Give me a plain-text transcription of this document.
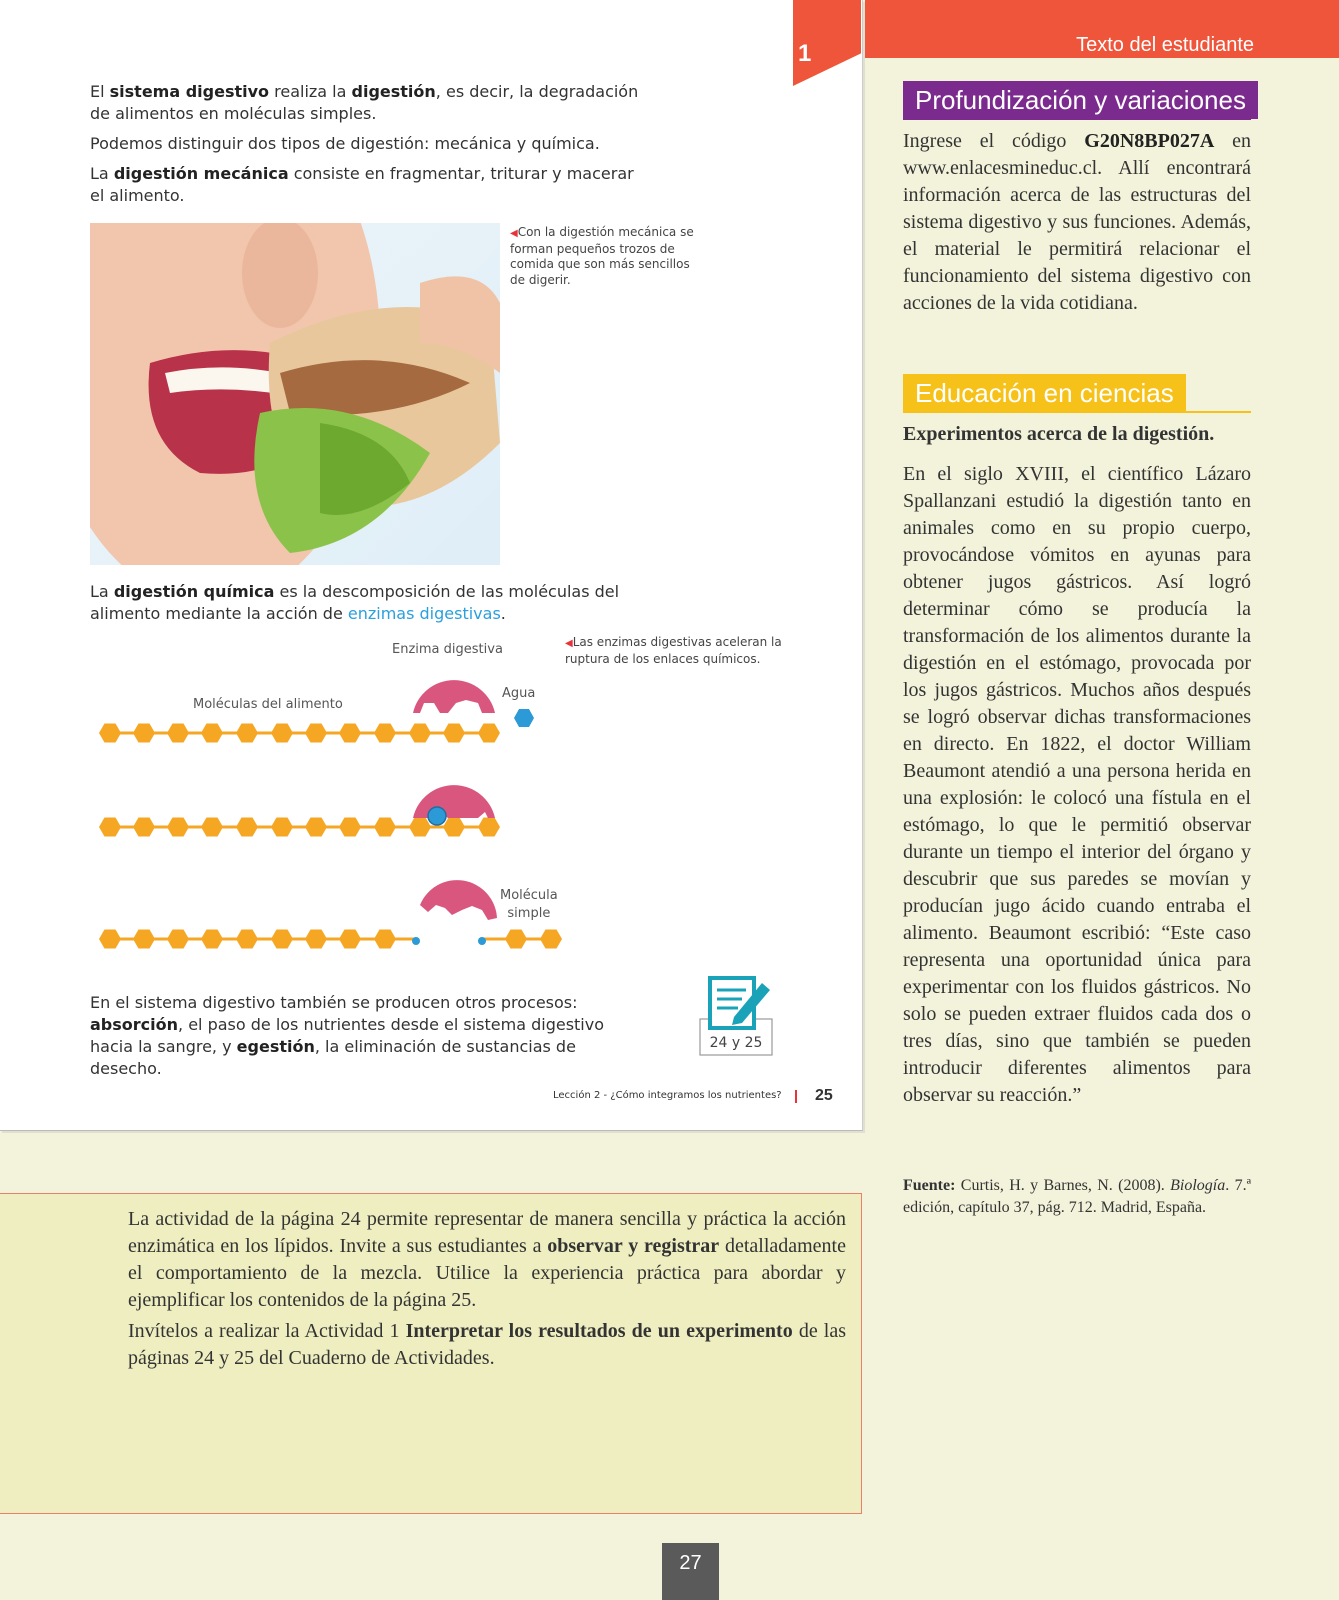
1	Texto del estudiante
El sistema digestivo realiza la digestión, es decir, la degradación de alimentos en moléculas simples.
Podemos distinguir dos tipos de digestión: mecánica y química.
La digestión mecánica consiste en fragmentar, triturar y macerar el alimento.
◀Con la digestión mecánica se forman pequeños trozos de comida que son más sencillos de digerir.
La digestión química es la descomposición de las moléculas del alimento mediante la acción de enzimas digestivas.
Enzima digestiva
Moléculas del alimento
Agua
Molécula
simple
◀Las enzimas digestivas aceleran la ruptura de los enlaces químicos.
En el sistema digestivo también se producen otros procesos: absorción, el paso de los nutrientes desde el sistema digestivo hacia la sangre, y egestión, la eliminación de sustancias de desecho.
24 y 25
Lección 2 - ¿Cómo integramos los nutrientes? 25
Profundización y variaciones
Ingrese el código G20N8BP027A en www.enlacesmineduc.cl. Allí encontrará información acerca de las estructuras del sistema digestivo y sus funciones. Además, el material le permitirá relacionar el funcionamiento del sistema digestivo con acciones de la vida cotidiana.
Educación en ciencias
Experimentos acerca de la digestión.
En el siglo XVIII, el científico Lázaro Spallanzani estudió la digestión tanto en animales como en su propio cuerpo, provocándose vómitos en ayunas para obtener jugos gástricos. Así logró determinar cómo se producía la transformación de los alimentos durante la digestión en el estómago, provocada por los jugos gástricos. Muchos años después se logró observar dichas transformaciones en directo. En 1822, el doctor William Beaumont atendió a una persona herida en una explosión: le colocó una fístula en el estómago, lo que le permitió observar durante un tiempo el interior del órgano y descubrir que sus paredes se movían y producían jugo ácido cuando entraba el alimento. Beaumont escribió: “Este caso representa una oportunidad única para experimentar con los fluidos gástricos. No solo se pueden extraer fluidos cada dos o tres días, sino que también se pueden introducir diferentes alimentos para observar su reacción.”
Fuente: Curtis, H. y Barnes, N. (2008). Biología. 7.ª edición, capítulo 37, pág. 712. Madrid, España.
La actividad de la página 24 permite representar de manera sencilla y práctica la acción enzimática en los lípidos. Invite a sus estudiantes a observar y registrar detalladamente el comportamiento de la mezcla. Utilice la experiencia práctica para abordar y ejemplificar los contenidos de la página 25.
Invítelos a realizar la Actividad 1 Interpretar los resultados de un experimento de las páginas 24 y 25 del Cuaderno de Actividades.
27
